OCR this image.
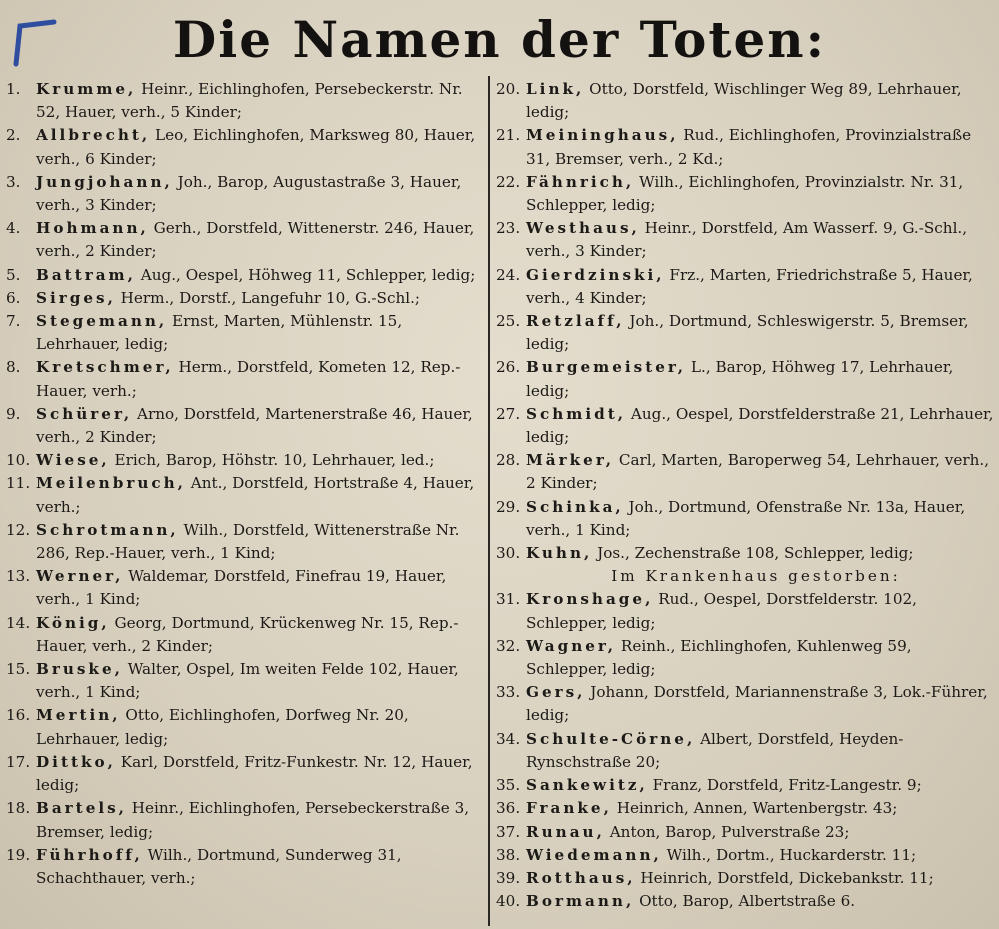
Die Namen der Toten:

1.	Krumme, Heinr., Eichlinghofen, Persebeckerstr. Nr. 52, Hauer, verh., 5 Kinder;

2.	Allbrecht, Leo, Eichlinghofen, Markswеg 80, Hauer, verh., 6 Kinder;

3.	Jungjohann, Joh., Barop, Augustastraße 3, Hauer, verh., 3 Kinder;

4.	Hohmann, Gerh., Dorstfeld, Wittenerstr. 246, Hauer, verh., 2 Kinder;

5.	Battram, Aug., Oespel, Höhweg 11, Schlepper, ledig;

6.	Sirges, Herm., Dorstf., Langefuhr 10, G.-Schl.;

7.	Stegemann, Ernst, Marten, Mühlenstr. 15, Lehrhauer, ledig;

8.	Kretschmer, Herm., Dorstfeld, Kometen 12, Rep.-Hauer, verh.;

9.	Schürer, Arno, Dorstfeld, Martenerstraße 46, Hauer, verh., 2 Kinder;

10. Wiese, Erich, Barop, Höhstr. 10, Lehrhauer, led.;

11. Meilenbruch, Ant., Dorstfeld, Hortstraße 4, Hauer, verh.;

12. Schrotmann, Wilh., Dorstfeld, Wittenerstraße Nr. 286, Rep.-Hauer, verh., 1 Kind;

13. Werner, Waldemar, Dorstfeld, Finefrau 19, Hauer, verh., 1 Kind;

14. König, Georg, Dortmund, Krückenweg Nr. 15, Rep.-Hauer, verh., 2 Kinder;

15. Bruske, Walter, Ospel, Im weiten Felde 102, Hauer, verh., 1 Kind;

16. Mertin, Otto, Eichlinghofen, Dorfweg Nr. 20, Lehrhauer, ledig;

17. Dittko, Karl, Dorstfeld, Fritz-Funkestr. Nr. 12, Hauer, ledig;

18. Bartels, Heinr., Eichlinghofen, Persebeckerstraße 3, Bremser, ledig;

19. Führhoff, Wilh., Dortmund, Sunderweg 31, Schachthauer, verh.;

20. Link, Otto, Dorstfeld, Wischlinger Weg 89, Lehrhauer, ledig;

21. Meininghaus, Rud., Eichlinghofen, Provinzialstraße 31, Bremser, verh., 2 Kd.;

22. Fähnrich, Wilh., Eichlinghofen, Provinzialstr. Nr. 31, Schlepper, ledig;

23. Westhaus, Heinr., Dorstfeld, Am Wasserf. 9, G.-Schl., verh., 3 Kinder;

24. Gierdzinski, Frz., Marten, Friedrichstraße 5, Hauer, verh., 4 Kinder;

25. Retzlaff, Joh., Dortmund, Schleswigerstr. 5, Bremser, ledig;

26. Burgemeister, L., Barop, Höhweg 17, Lehrhauer, ledig;

27. Schmidt, Aug., Oespel, Dorstfelderstraße 21, Lehrhauer, ledig;

28. Märker, Carl, Marten, Baroperweg 54, Lehrhauer, verh., 2 Kinder;

29. Schinka, Joh., Dortmund, Ofenstraße Nr. 13a, Hauer, verh., 1 Kind;

30. Kuhn, Jos., Zechenstraße 108, Schlepper, ledig;

Im Krankenhaus gestorben:

31. Kronshage, Rud., Oespel, Dorstfelderstr. 102, Schlepper, ledig;

32. Wagner, Reinh., Eichlinghofen, Kuhlenweg 59, Schlepper, ledig;

33. Gers, Johann, Dorstfeld, Mariannenstraße 3, Lok.-Führer, ledig;

34. Schulte-Cörne, Albert, Dorstfeld, Heyden-Rynschstraße 20;

35. Sankewitz, Franz, Dorstfeld, Fritz-Langestr. 9;

36. Franke, Heinrich, Annen, Wartenbergstr. 43;

37. Runau, Anton, Barop, Pulverstraße 23;

38. Wiedemann, Wilh., Dortm., Huckarderstr. 11;

39. Rotthaus, Heinrich, Dorstfeld, Dickebankstr. 11;

40. Bormann, Otto, Barop, Albertstraße 6.
